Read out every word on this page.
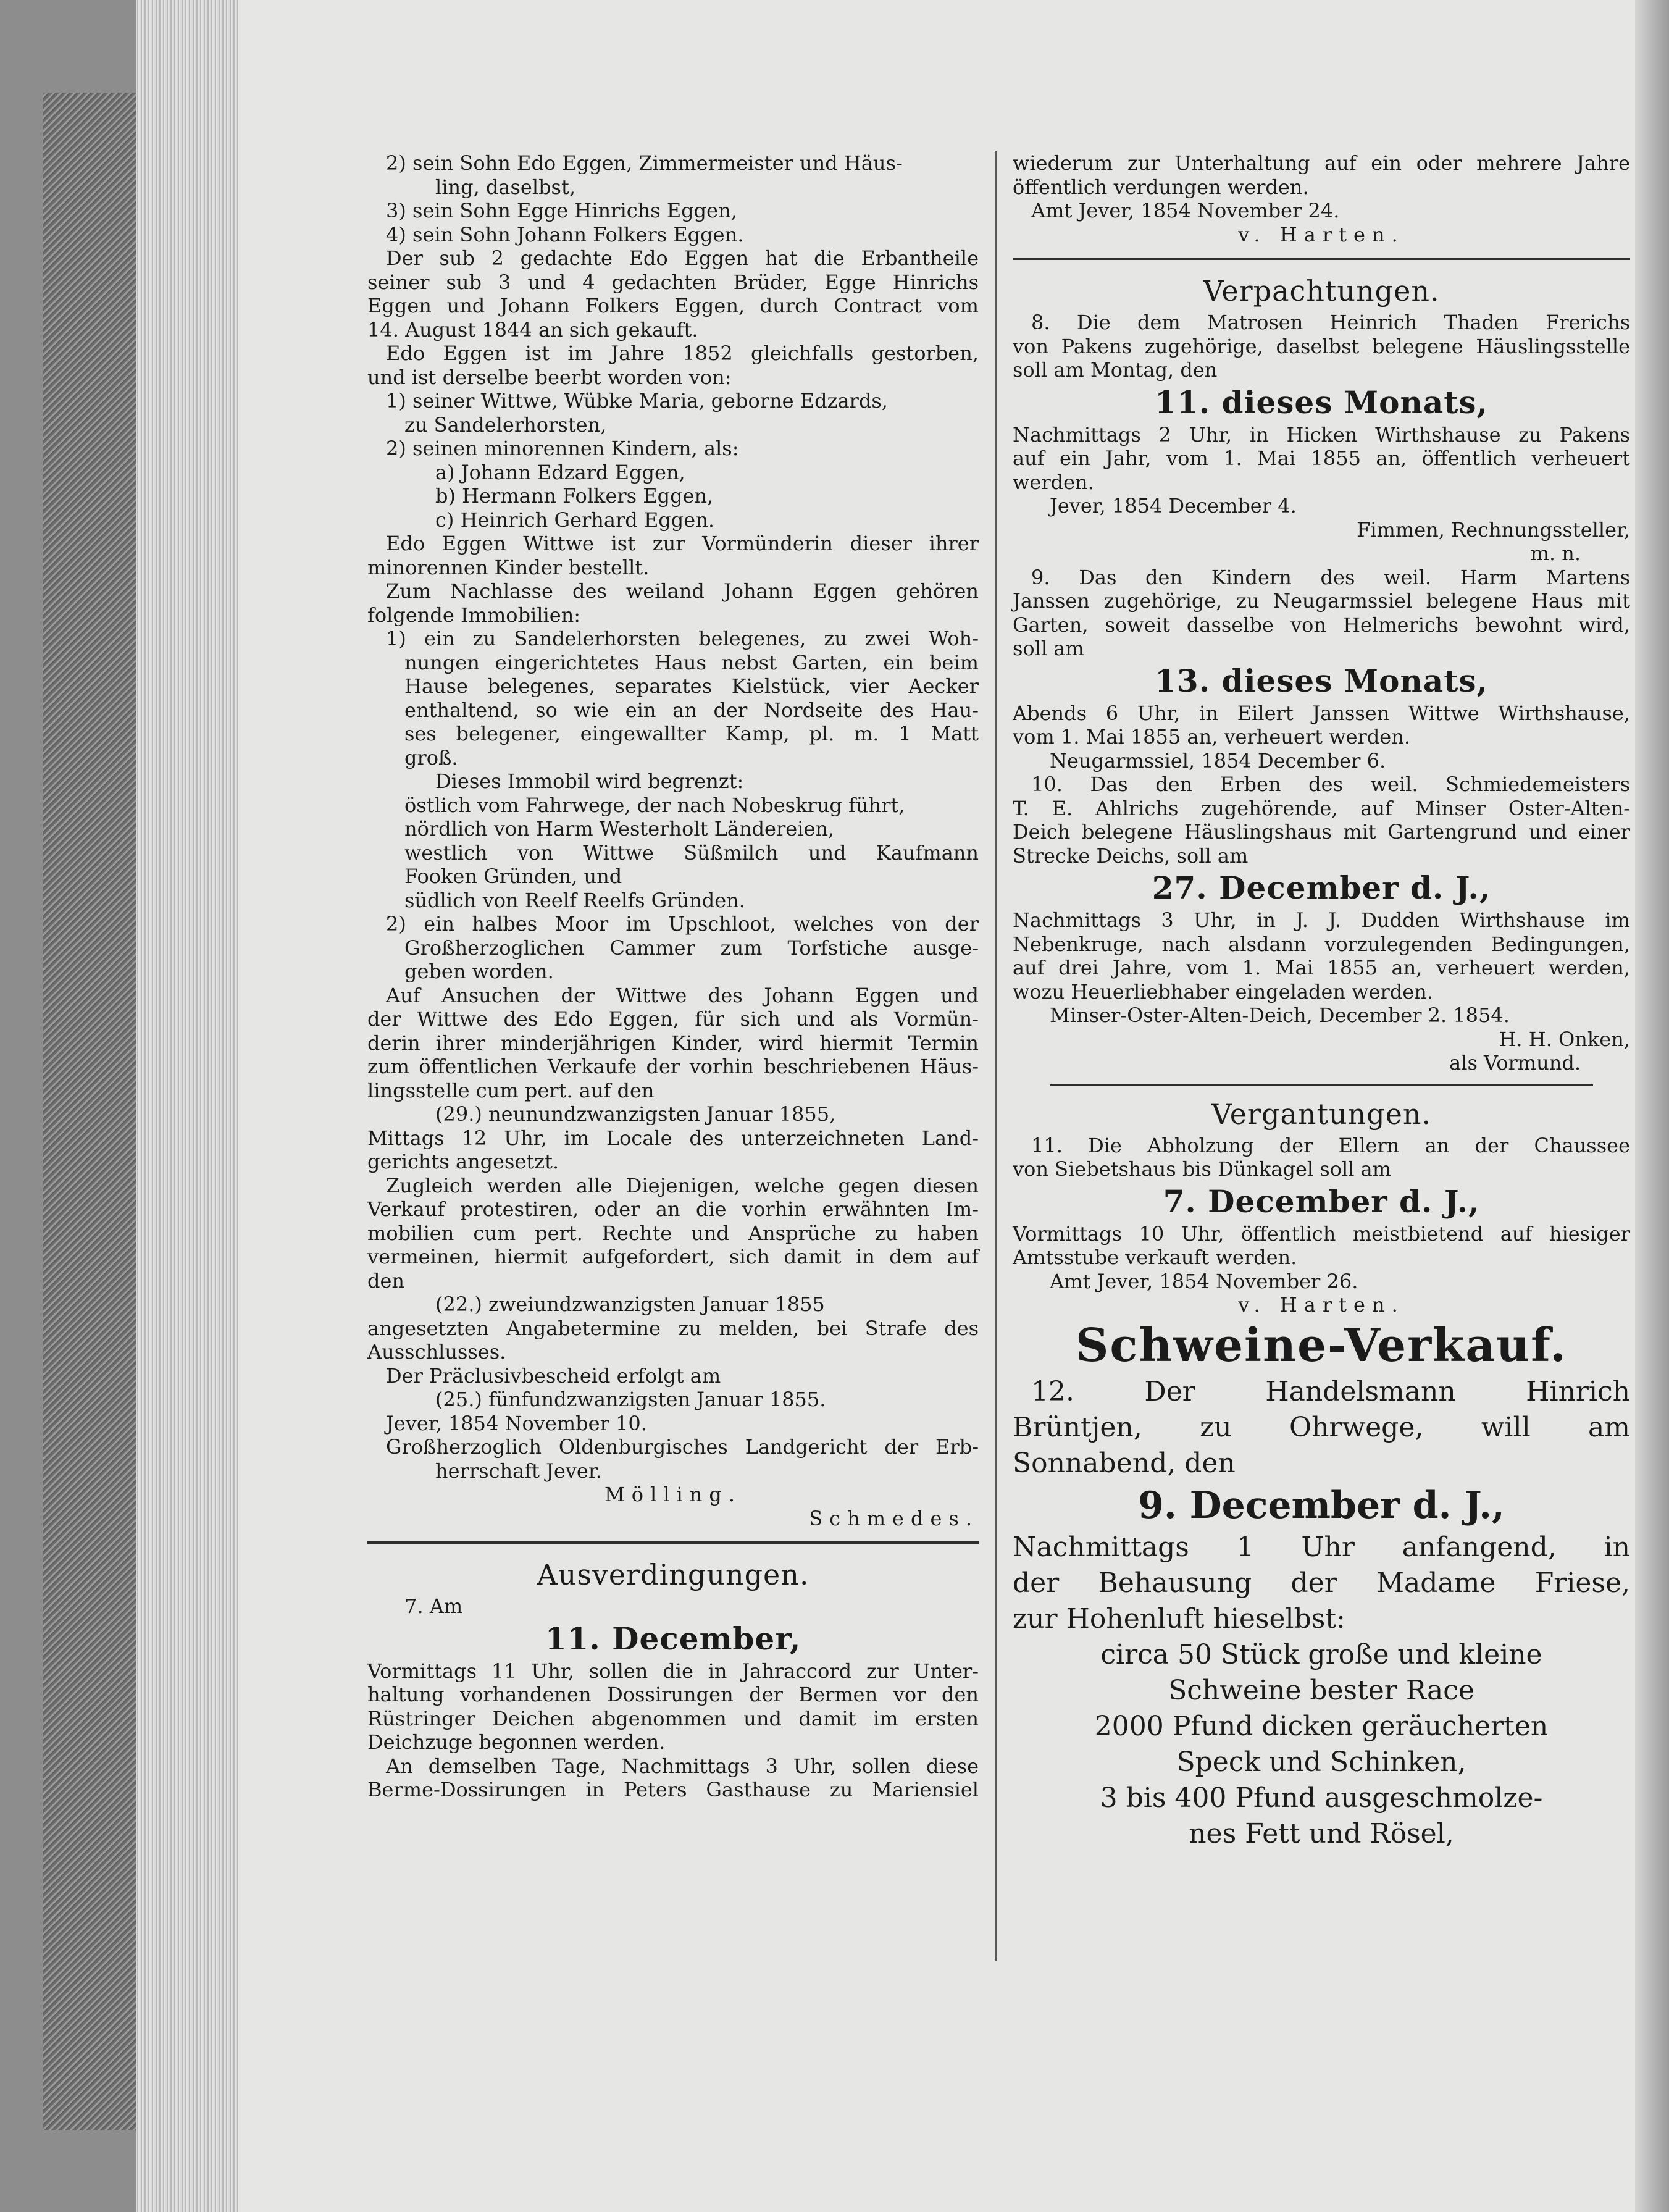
2) sein Sohn Edo Eggen, Zimmermeister und Häus-
ling, daselbst,
3) sein Sohn Egge Hinrichs Eggen,
4) sein Sohn Johann Folkers Eggen.
Der sub 2 gedachte Edo Eggen hat die Erbantheile
seiner sub 3 und 4 gedachten Brüder, Egge Hinrichs
Eggen und Johann Folkers Eggen, durch Contract vom
14. August 1844 an sich gekauft.
Edo Eggen ist im Jahre 1852 gleichfalls gestorben,
und ist derselbe beerbt worden von:
1) seiner Wittwe, Wübke Maria, geborne Edzards,
zu Sandelerhorsten,
2) seinen minorennen Kindern, als:
a) Johann Edzard Eggen,
b) Hermann Folkers Eggen,
c) Heinrich Gerhard Eggen.
Edo Eggen Wittwe ist zur Vormünderin dieser ihrer
minorennen Kinder bestellt.
Zum Nachlasse des weiland Johann Eggen gehören
folgende Immobilien:
1) ein zu Sandelerhorsten belegenes, zu zwei Woh-
nungen eingerichtetes Haus nebst Garten, ein beim
Hause belegenes, separates Kielstück, vier Aecker
enthaltend, so wie ein an der Nordseite des Hau-
ses belegener, eingewallter Kamp, pl. m. 1 Matt
groß.
Dieses Immobil wird begrenzt:
östlich vom Fahrwege, der nach Nobeskrug führt,
nördlich von Harm Westerholt Ländereien,
westlich von Wittwe Süßmilch und Kaufmann
Fooken Gründen, und
südlich von Reelf Reelfs Gründen.
2) ein halbes Moor im Upschloot, welches von der
Großherzoglichen Cammer zum Torfstiche ausge-
geben worden.
Auf Ansuchen der Wittwe des Johann Eggen und
der Wittwe des Edo Eggen, für sich und als Vormün-
derin ihrer minderjährigen Kinder, wird hiermit Termin
zum öffentlichen Verkaufe der vorhin beschriebenen Häus-
lingsstelle cum pert. auf den
(29.) neunundzwanzigsten Januar 1855,
Mittags 12 Uhr, im Locale des unterzeichneten Land-
gerichts angesetzt.
Zugleich werden alle Diejenigen, welche gegen diesen
Verkauf protestiren, oder an die vorhin erwähnten Im-
mobilien cum pert. Rechte und Ansprüche zu haben
vermeinen, hiermit aufgefordert, sich damit in dem auf
den
(22.) zweiundzwanzigsten Januar 1855
angesetzten Angabetermine zu melden, bei Strafe des
Ausschlusses.
Der Präclusivbescheid erfolgt am
(25.) fünfundzwanzigsten Januar 1855.
Jever, 1854 November 10.
Großherzoglich Oldenburgisches Landgericht der Erb-
herrschaft Jever.
Mölling.
Schmedes.
Ausverdingungen.
7. Am
11. December,
Vormittags 11 Uhr, sollen die in Jahraccord zur Unter-
haltung vorhandenen Dossirungen der Bermen vor den
Rüstringer Deichen abgenommen und damit im ersten
Deichzuge begonnen werden.
An demselben Tage, Nachmittags 3 Uhr, sollen diese
Berme-Dossirungen in Peters Gasthause zu Mariensiel
wiederum zur Unterhaltung auf ein oder mehrere Jahre
öffentlich verdungen werden.
Amt Jever, 1854 November 24.
v. Harten.
Verpachtungen.
8. Die dem Matrosen Heinrich Thaden Frerichs
von Pakens zugehörige, daselbst belegene Häuslingsstelle
soll am Montag, den
11. dieses Monats,
Nachmittags 2 Uhr, in Hicken Wirthshause zu Pakens
auf ein Jahr, vom 1. Mai 1855 an, öffentlich verheuert
werden.
Jever, 1854 December 4.
Fimmen, Rechnungssteller,
m. n.
9. Das den Kindern des weil. Harm Martens
Janssen zugehörige, zu Neugarmssiel belegene Haus mit
Garten, soweit dasselbe von Helmerichs bewohnt wird,
soll am
13. dieses Monats,
Abends 6 Uhr, in Eilert Janssen Wittwe Wirthshause,
vom 1. Mai 1855 an, verheuert werden.
Neugarmssiel, 1854 December 6.
10. Das den Erben des weil. Schmiedemeisters
T. E. Ahlrichs zugehörende, auf Minser Oster-Alten-
Deich belegene Häuslingshaus mit Gartengrund und einer
Strecke Deichs, soll am
27. December d. J.,
Nachmittags 3 Uhr, in J. J. Dudden Wirthshause im
Nebenkruge, nach alsdann vorzulegenden Bedingungen,
auf drei Jahre, vom 1. Mai 1855 an, verheuert werden,
wozu Heuerliebhaber eingeladen werden.
Minser-Oster-Alten-Deich, December 2. 1854.
H. H. Onken,
als Vormund.
Vergantungen.
11. Die Abholzung der Ellern an der Chaussee
von Siebetshaus bis Dünkagel soll am
7. December d. J.,
Vormittags 10 Uhr, öffentlich meistbietend auf hiesiger
Amtsstube verkauft werden.
Amt Jever, 1854 November 26.
v. Harten.
Schweine-Verkauf.
12. Der Handelsmann Hinrich
Brüntjen, zu Ohrwege, will am
Sonnabend, den
9. December d. J.,
Nachmittags 1 Uhr anfangend, in
der Behausung der Madame Friese,
zur Hohenluft hieselbst:
circa 50 Stück große und kleine
Schweine bester Race
2000 Pfund dicken geräucherten
Speck und Schinken,
3 bis 400 Pfund ausgeschmolze-
nes Fett und Rösel,
